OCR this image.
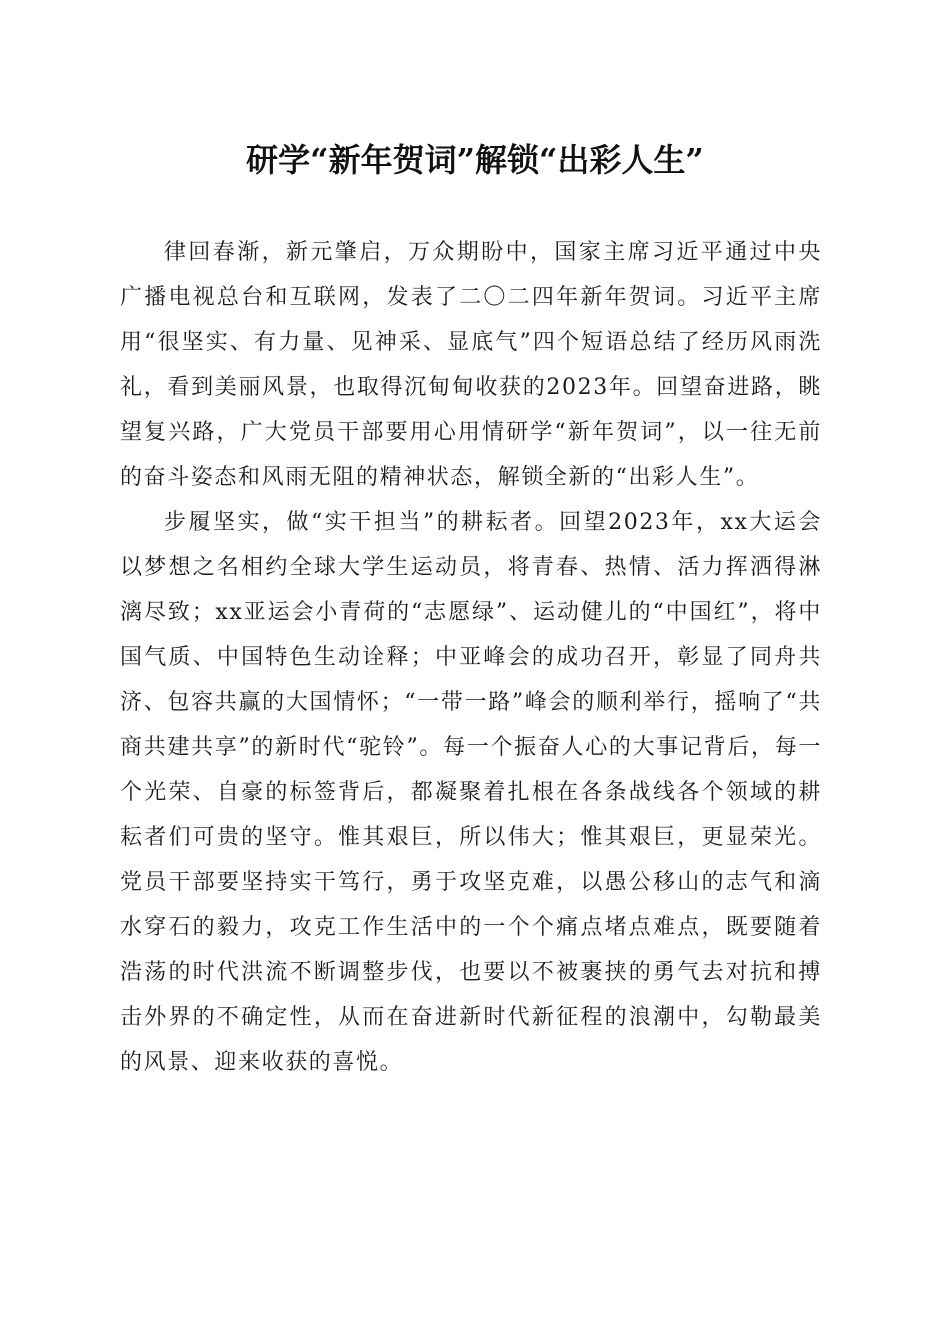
研学“新年贺词”解锁“出彩人生”

律回春渐，新元肇启，万众期盼中，国家主席习近平通过中央广播电视总台和互联网，发表了二〇二四年新年贺词。习近平主席用“很坚实、有力量、见神采、显底气”四个短语总结了经历风雨洗礼，看到美丽风景，也取得沉甸甸收获的2023年。回望奋进路，眺望复兴路，广大党员干部要用心用情研学“新年贺词”，以一往无前的奋斗姿态和风雨无阻的精神状态，解锁全新的“出彩人生”。

步履坚实，做“实干担当”的耕耘者。回望2023年，xx大运会以梦想之名相约全球大学生运动员，将青春、热情、活力挥洒得淋漓尽致；xx亚运会小青荷的“志愿绿”、运动健儿的“中国红”，将中国气质、中国特色生动诠释；中亚峰会的成功召开，彰显了同舟共济、包容共赢的大国情怀；“一带一路”峰会的顺利举行，摇响了“共商共建共享”的新时代“驼铃”。每一个振奋人心的大事记背后，每一个光荣、自豪的标签背后，都凝聚着扎根在各条战线各个领域的耕耘者们可贵的坚守。惟其艰巨，所以伟大；惟其艰巨，更显荣光。党员干部要坚持实干笃行，勇于攻坚克难，以愚公移山的志气和滴水穿石的毅力，攻克工作生活中的一个个痛点堵点难点，既要随着浩荡的时代洪流不断调整步伐，也要以不被裹挟的勇气去对抗和搏击外界的不确定性，从而在奋进新时代新征程的浪潮中，勾勒最美的风景、迎来收获的喜悦。
